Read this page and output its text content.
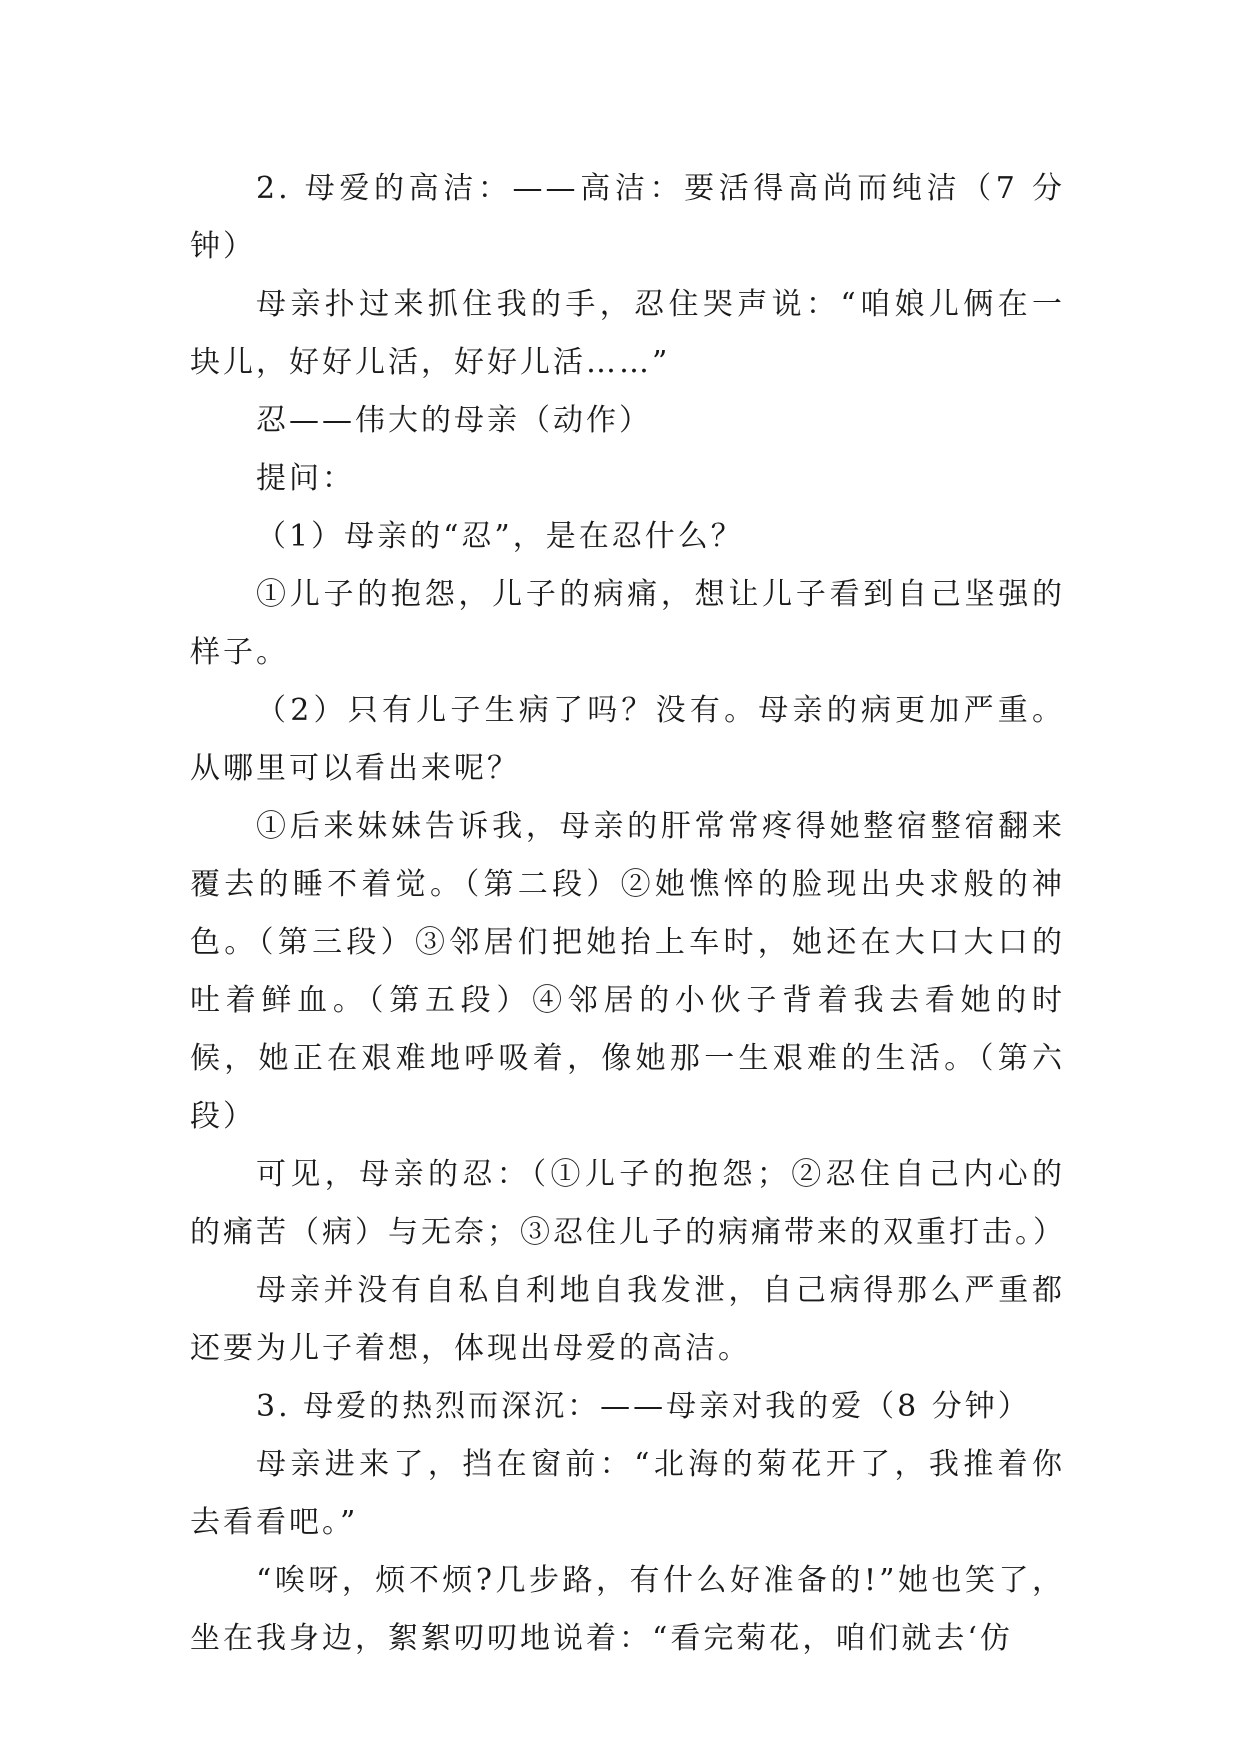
2. 母爱的高洁：——高洁：要活得高尚而纯洁（7 分钟）

母亲扑过来抓住我的手，忍住哭声说：“咱娘儿俩在一块儿，好好儿活，好好儿活……”

忍——伟大的母亲（动作）

提问：

（1）母亲的“忍”，是在忍什么？

①儿子的抱怨，儿子的病痛，想让儿子看到自己坚强的样子。

（2）只有儿子生病了吗？没有。母亲的病更加严重。从哪里可以看出来呢？

①后来妹妹告诉我，母亲的肝常常疼得她整宿整宿翻来覆去的睡不着觉。（第二段）②她憔悴的脸现出央求般的神色。（第三段）③邻居们把她抬上车时，她还在大口大口的吐着鲜血。（第五段）④邻居的小伙子背着我去看她的时候，她正在艰难地呼吸着，像她那一生艰难的生活。（第六段）

可见，母亲的忍：（①儿子的抱怨；②忍住自己内心的的痛苦（病）与无奈；③忍住儿子的病痛带来的双重打击。）

母亲并没有自私自利地自我发泄，自己病得那么严重都还要为儿子着想，体现出母爱的高洁。

3. 母爱的热烈而深沉：——母亲对我的爱（8 分钟）

母亲进来了，挡在窗前：“北海的菊花开了，我推着你去看看吧。”

“唉呀，烦不烦?几步路，有什么好准备的!”她也笑了，坐在我身边，絮絮叨叨地说着：“看完菊花，咱们就去‘仿
